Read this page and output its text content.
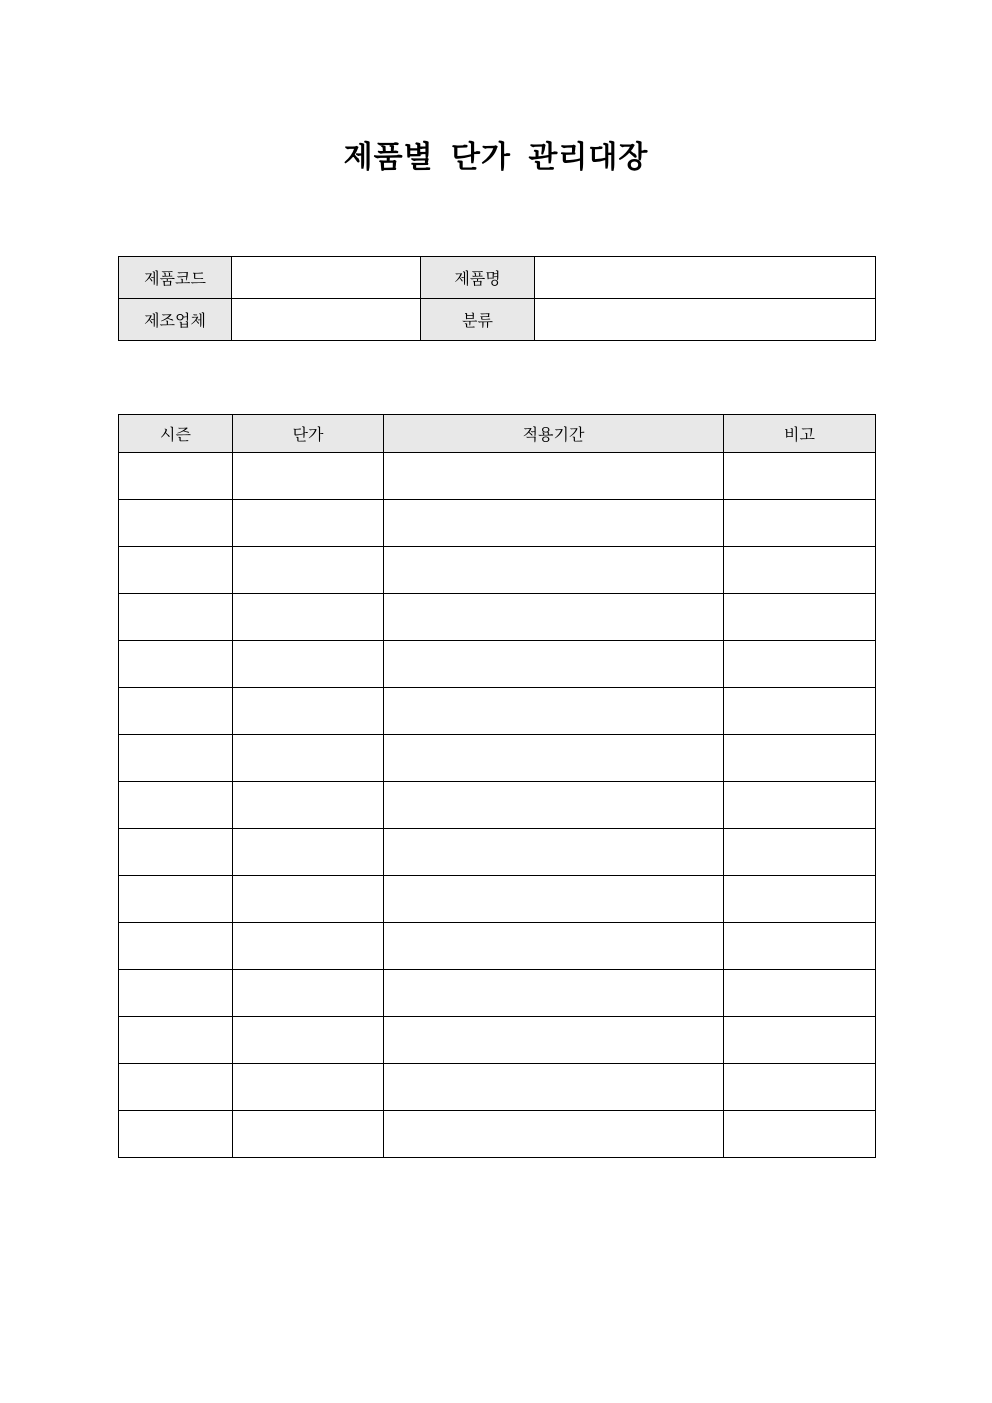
제품별 단가 관리대장
제품코드		제품명	
제조업체		분류	
시즌	단가	적용기간	비고
